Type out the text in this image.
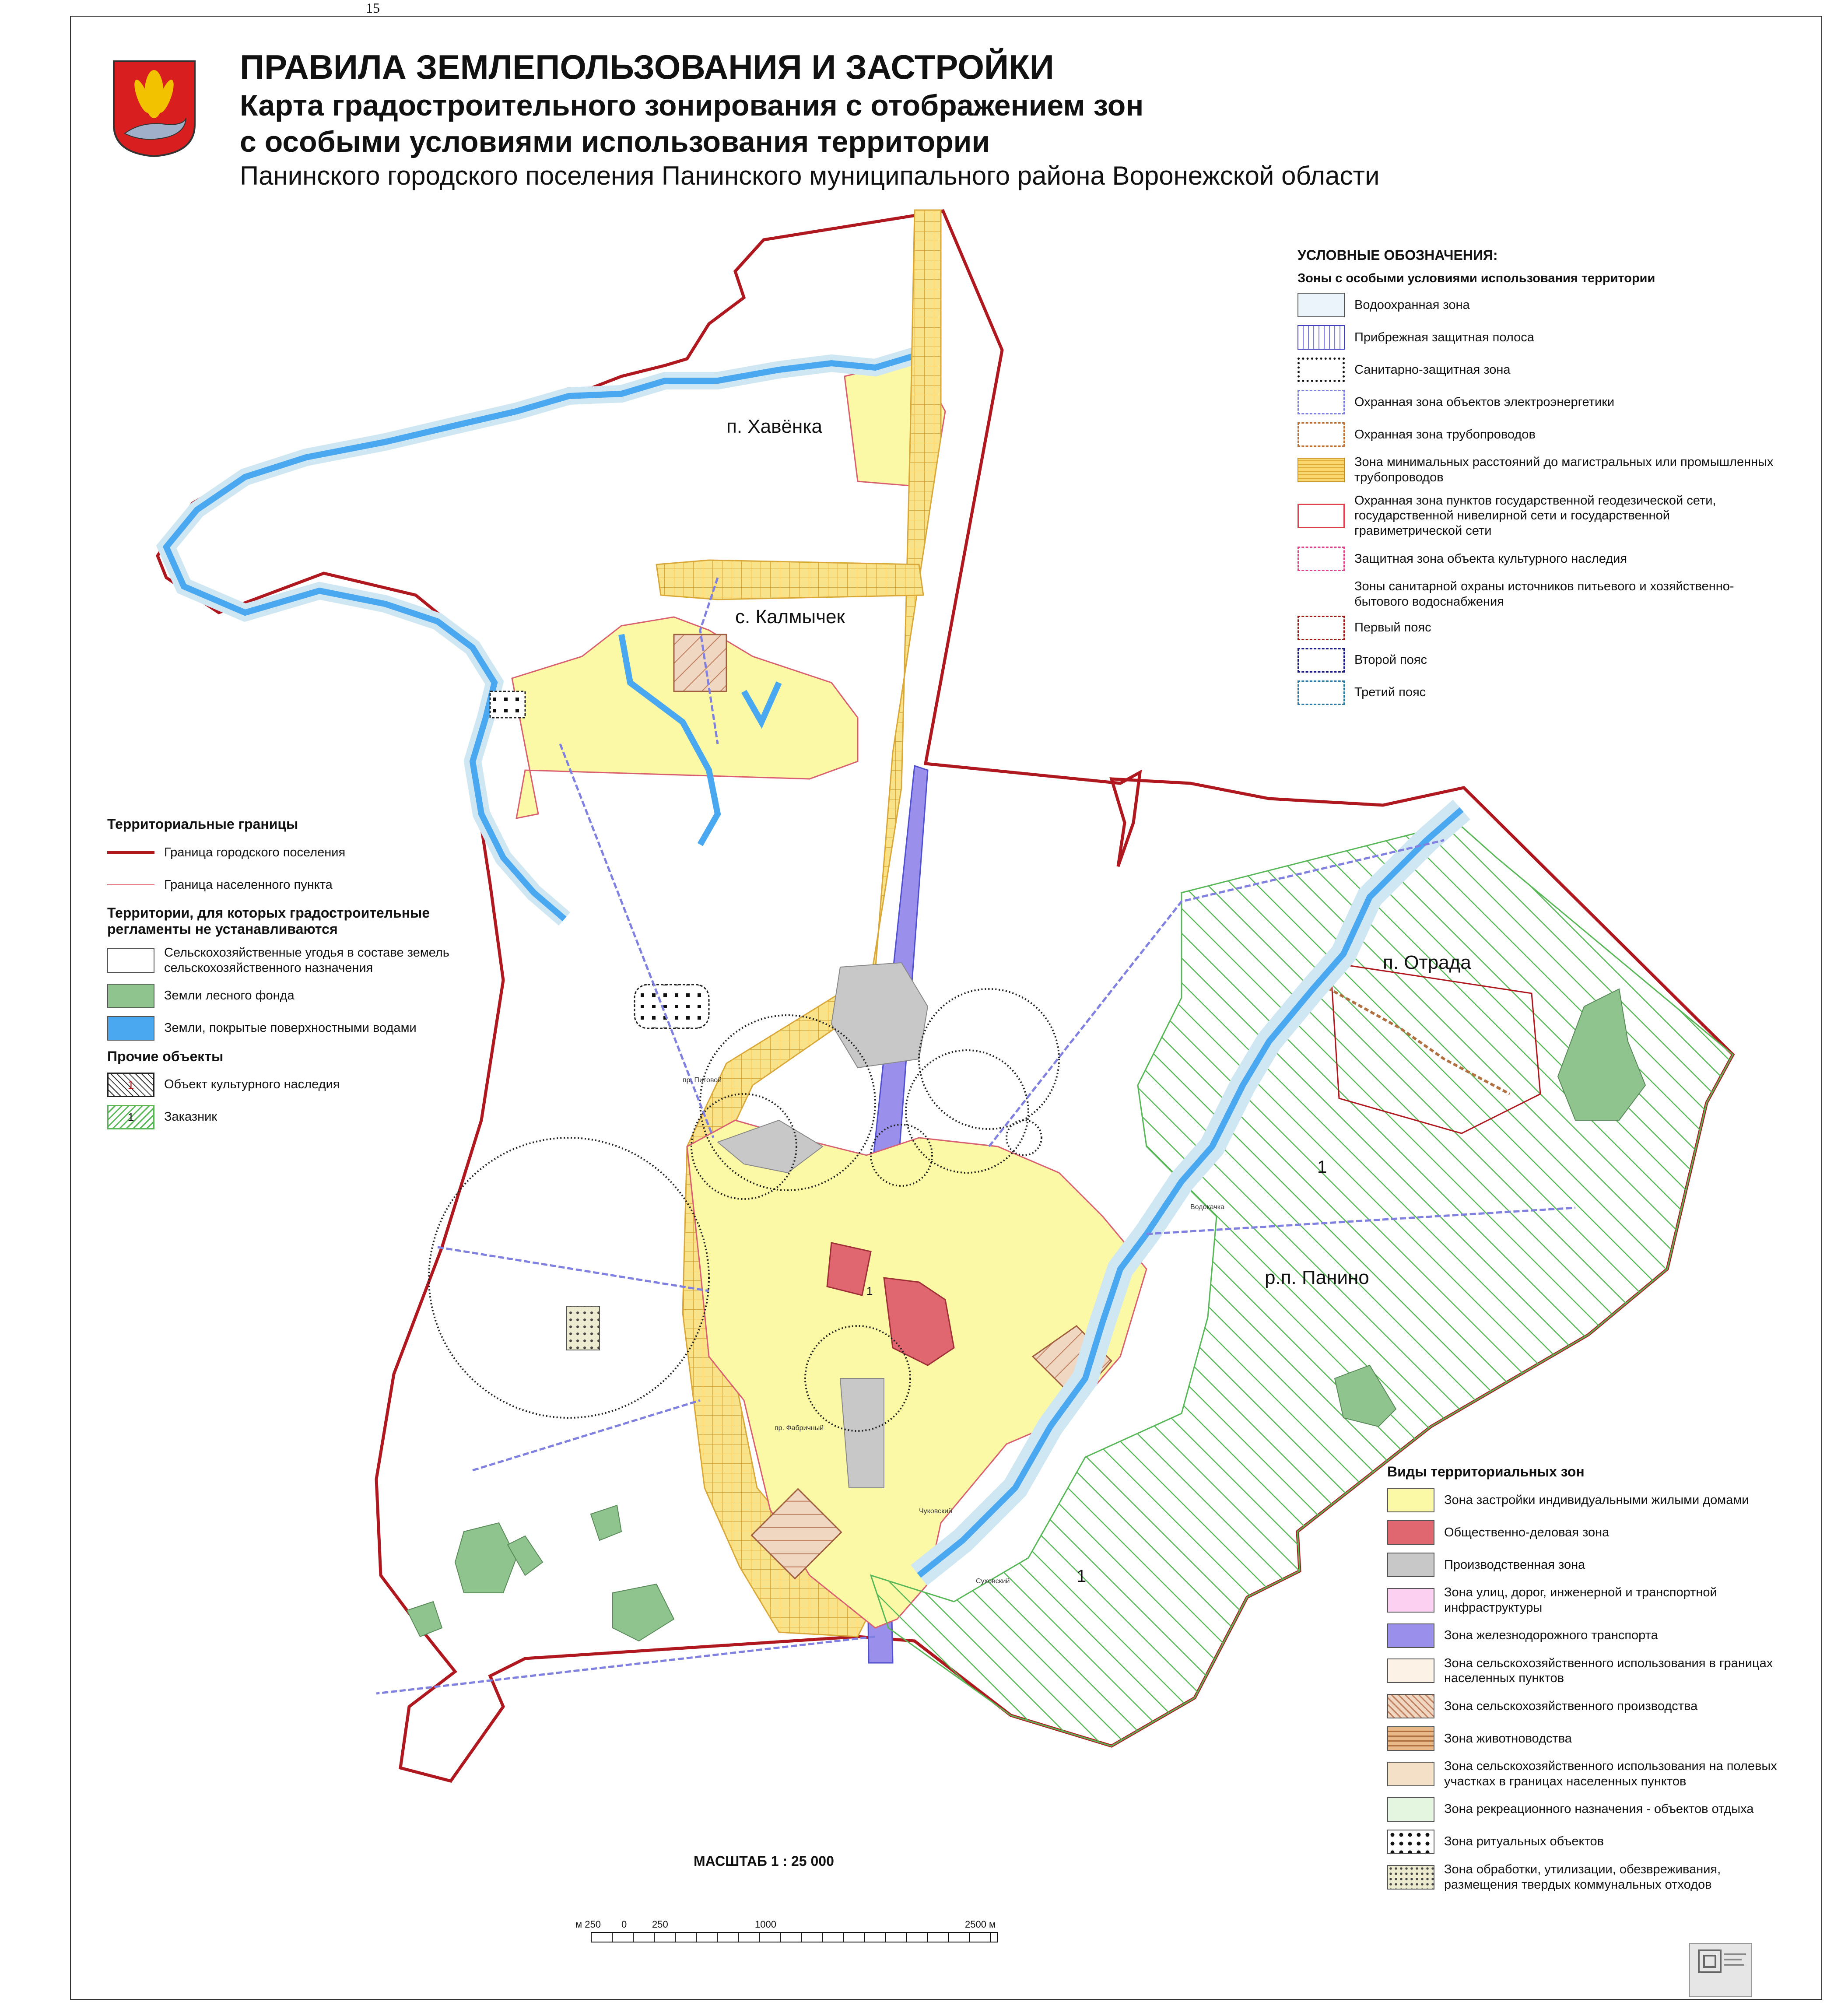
15
ПРАВИЛА ЗЕМЛЕПОЛЬЗОВАНИЯ И ЗАСТРОЙКИ
Карта градостроительного зонирования с отображением зон
с особыми условиями использования территории
Панинского городского поселения Панинского муниципального района Воронежской области
п. Хавёнка
с. Калмычек
п. Отрада
р.п. Панино
1
1
1
пр. Питовой
пр. Фабричный
Чуковский
Суховский
Водокачка
УСЛОВНЫЕ ОБОЗНАЧЕНИЯ:
Зоны с особыми условиями использования территории
Водоохранная зона
Прибрежная защитная полоса
Санитарно-защитная зона
Охранная зона объектов электроэнергетики
Охранная зона трубопроводов
Зона минимальных расстояний до магистральных или промышленных трубопроводов
Охранная зона пунктов государственной геодезической сети, государственной нивелирной сети и государственной гравиметрической сети
Защитная зона объекта культурного наследия
Зоны санитарной охраны источников питьевого и хозяйственно-бытового водоснабжения
Первый пояс
Второй пояс
Третий пояс
Территориальные границы
Граница городского поселения
Граница населенного пункта
Территории, для которых градостроительные регламенты не устанавливаются
Сельскохозяйственные угодья в составе земель сельскохозяйственного назначения
Земли лесного фонда
Земли, покрытые поверхностными водами
Прочие объекты
1	Объект культурного наследия
1	Заказник
Виды территориальных зон
Зона застройки индивидуальными жилыми домами
Общественно-деловая зона
Производственная зона
Зона улиц, дорог, инженерной и транспортной инфраструктуры
Зона железнодорожного транспорта
Зона сельскохозяйственного использования в границах населенных пунктов
Зона сельскохозяйственного производства
Зона животноводства
Зона сельскохозяйственного использования на полевых участках в границах населенных пунктов
Зона рекреационного назначения - объектов отдыха
Зона ритуальных объектов
Зона обработки, утилизации, обезвреживания, размещения твердых коммунальных отходов
МАСШТАБ 1 : 25 000
м 250 0	250	1000	2500 м
